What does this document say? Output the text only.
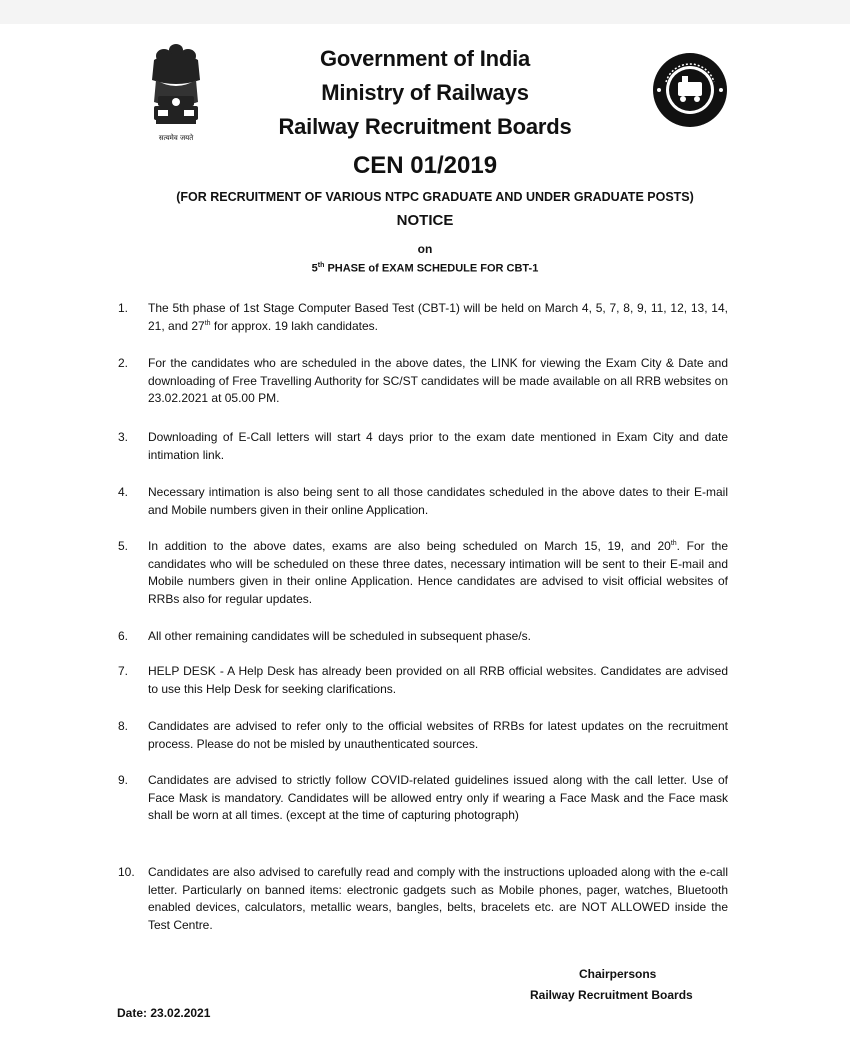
सत्यमेव जयते
Government of India
Ministry of Railways
Railway Recruitment Boards
CEN 01/2019
(FOR RECRUITMENT OF VARIOUS NTPC GRADUATE AND UNDER GRADUATE POSTS)
NOTICE
on
5th PHASE of EXAM SCHEDULE FOR CBT-1
1.	The 5th phase of 1st Stage Computer Based Test (CBT-1) will be held on March 4, 5, 7, 8, 9, 11, 12, 13, 14, 21, and 27th for approx. 19 lakh candidates.
2.	For the candidates who are scheduled in the above dates, the LINK for viewing the Exam City & Date and downloading of Free Travelling Authority for SC/ST candidates will be made available on all RRB websites on 23.02.2021 at 05.00 PM.
3.	Downloading of E-Call letters will start 4 days prior to the exam date mentioned in Exam City and date intimation link.
4.	Necessary intimation is also being sent to all those candidates scheduled in the above dates to their E-mail and Mobile numbers given in their online Application.
5.	In addition to the above dates, exams are also being scheduled on March 15, 19, and 20th. For the candidates who will be scheduled on these three dates, necessary intimation will be sent to their E-mail and Mobile numbers given in their online Application. Hence candidates are advised to visit official websites of RRBs also for regular updates.
6.	All other remaining candidates will be scheduled in subsequent phase/s.
7.	HELP DESK - A Help Desk has already been provided on all RRB official websites. Candidates are advised to use this Help Desk for seeking clarifications.
8.	Candidates are advised to refer only to the official websites of RRBs for latest updates on the recruitment process. Please do not be misled by unauthenticated sources.
9.	Candidates are advised to strictly follow COVID-related guidelines issued along with the call letter. Use of Face Mask is mandatory. Candidates will be allowed entry only if wearing a Face Mask and the Face mask shall be worn at all times. (except at the time of capturing photograph)
10.	Candidates are also advised to carefully read and comply with the instructions uploaded along with the e-call letter. Particularly on banned items: electronic gadgets such as Mobile phones, pager, watches, Bluetooth enabled devices, calculators, metallic wears, bangles, belts, bracelets etc. are NOT ALLOWED inside the Test Centre.
Chairpersons
Railway Recruitment Boards
Date: 23.02.2021
